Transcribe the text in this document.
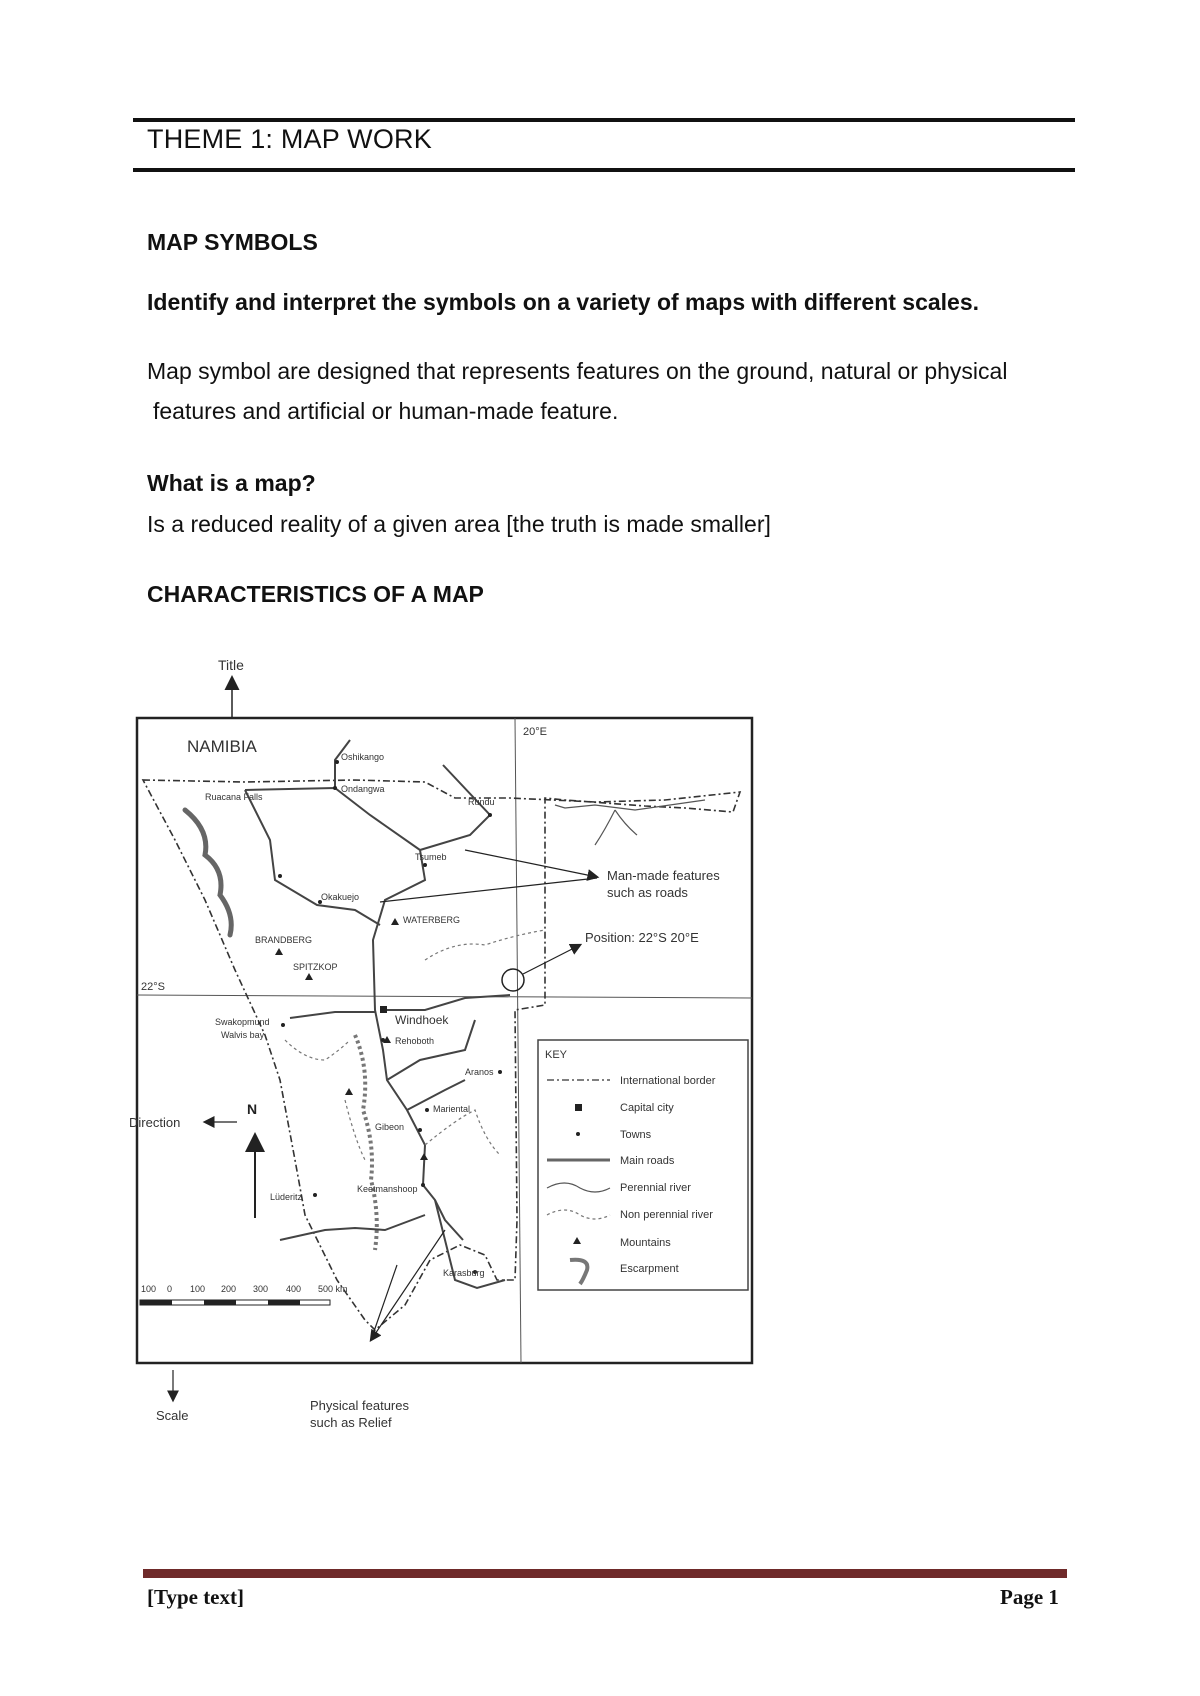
THEME 1: MAP WORK
MAP SYMBOLS
Identify and interpret the symbols on a variety of maps with different scales.
Map symbol are designed that represents features on the ground, natural or physical
features and artificial or human-made feature.
What is a map?
Is a reduced reality of a given area [the truth is made smaller]
CHARACTERISTICS OF A MAP
Title
NAMIBIA
20°E
22°S
Ruacana Falls
Oshikango
Ondangwa
Rundu
Tsumeb
Okakuejo
WATERBERG
BRANDBERG
SPITZKOP
Swakopmund
Walvis bay
Windhoek
Rehoboth
Aranos
Mariental
Gibeon
Keetmanshoop
Lüderitz
Karasburg
Man-made features
such as roads
Position: 22°S 20°E
Direction
N
100 0 100 200 300 400 500 km
Scale
Physical features
such as Relief
KEY
International border
Capital city
Towns
Main roads
Perennial river
Non perennial river
Mountains
Escarpment
[Type text]	Page 1
